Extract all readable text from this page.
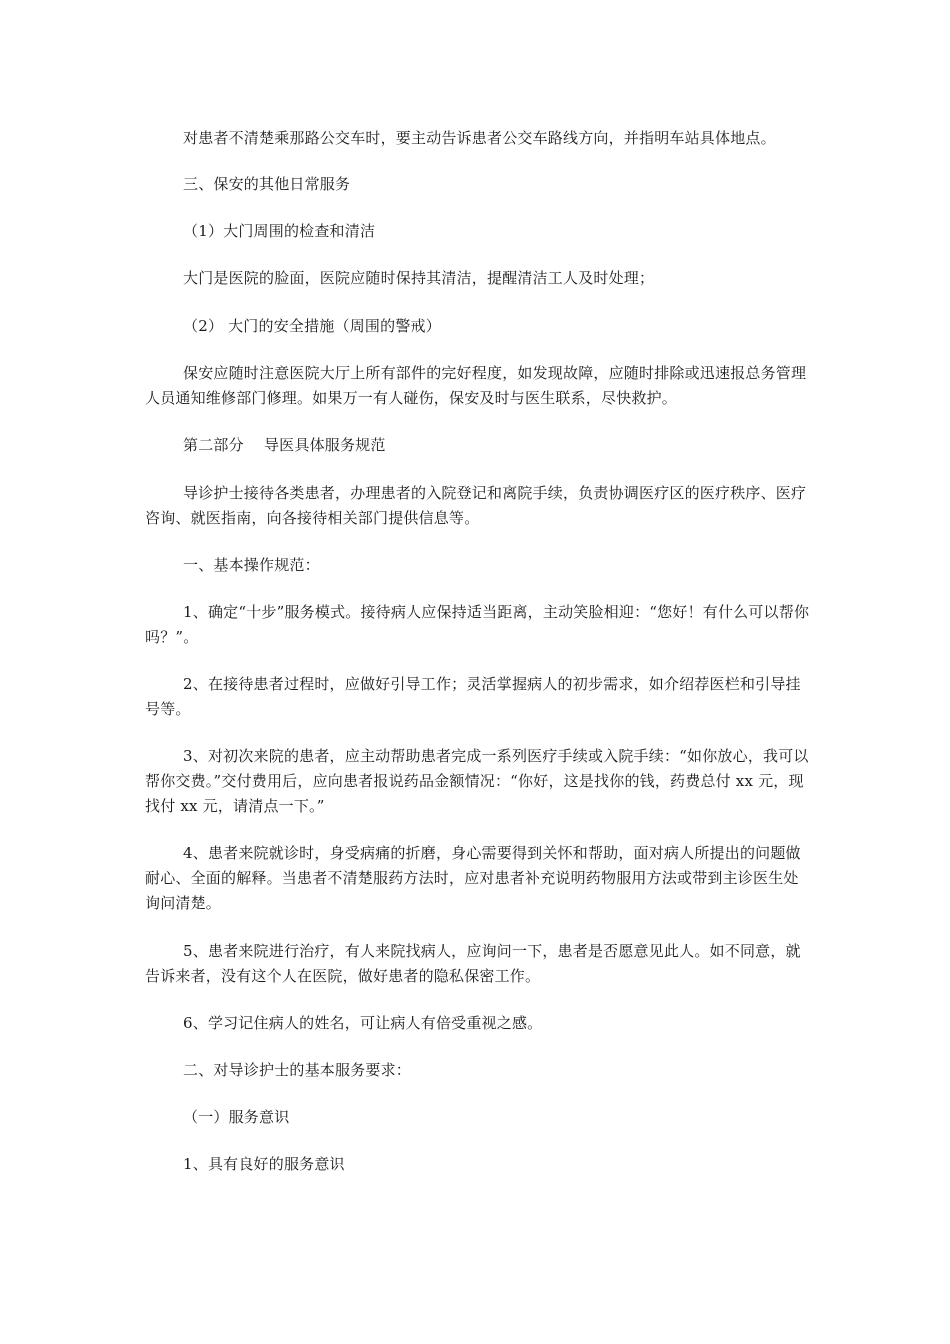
对患者不清楚乘那路公交车时，要主动告诉患者公交车路线方向，并指明车站具体地点。

三、保安的其他日常服务

（1）大门周围的检查和清洁

大门是医院的脸面，医院应随时保持其清洁，提醒清洁工人及时处理；

（2） 大门的安全措施（周围的警戒）

保安应随时注意医院大厅上所有部件的完好程度，如发现故障，应随时排除或迅速报总务管理人员通知维修部门修理。如果万一有人碰伤，保安及时与医生联系，尽快救护。

第二部分　 导医具体服务规范

导诊护士接待各类患者，办理患者的入院登记和离院手续，负责协调医疗区的医疗秩序、医疗咨询、就医指南，向各接待相关部门提供信息等。

一、基本操作规范：

1、确定“十步”服务模式。接待病人应保持适当距离，主动笑脸相迎：“您好！有什么可以帮你吗？”。

2、在接待患者过程时，应做好引导工作；灵活掌握病人的初步需求，如介绍荐医栏和引导挂号等。

3、对初次来院的患者，应主动帮助患者完成一系列医疗手续或入院手续：“如你放心，我可以帮你交费。”交付费用后，应向患者报说药品金额情况：“你好，这是找你的钱，药费总付 xx 元，现找付 xx 元，请清点一下。”

4、患者来院就诊时，身受病痛的折磨，身心需要得到关怀和帮助，面对病人所提出的问题做耐心、全面的解释。当患者不清楚服药方法时，应对患者补充说明药物服用方法或带到主诊医生处询问清楚。

5、患者来院进行治疗，有人来院找病人，应询问一下，患者是否愿意见此人。如不同意，就告诉来者，没有这个人在医院，做好患者的隐私保密工作。

6、学习记住病人的姓名，可让病人有倍受重视之感。

二、对导诊护士的基本服务要求：

（一）服务意识

1、具有良好的服务意识
